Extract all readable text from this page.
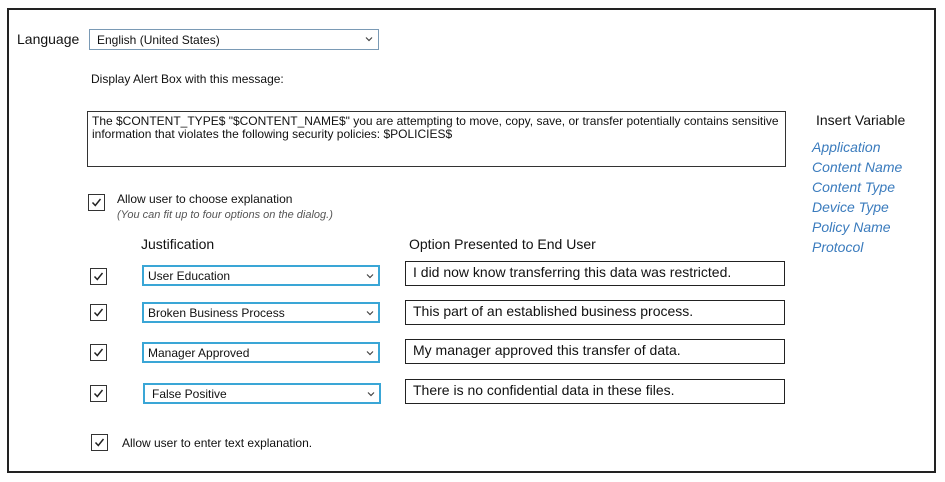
Language	English (United States)
Display Alert Box with this message:
The $CONTENT_TYPE$ "$CONTENT_NAME$" you are attempting to move, copy, save, or transfer potentially contains sensitive information that violates the following security policies: $POLICIES$
Insert Variable
Application
Content Name
Content Type
Device Type
Policy Name
Protocol
Allow user to choose explanation
(You can fit up to four options on the dialog.)
Justification	Option Presented to End User
User Education	I did now know transferring this data was restricted.
Broken Business Process	This part of an established business process.
Manager Approved	My manager approved this transfer of data.
False Positive	There is no confidential data in these files.
Allow user to enter text explanation.
